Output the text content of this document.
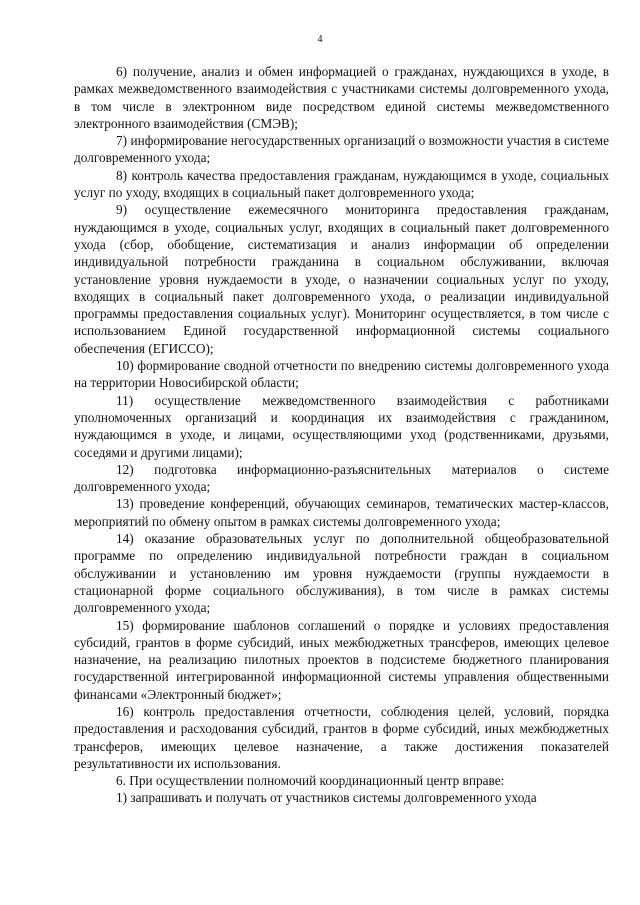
4

6) получение, анализ и обмен информацией о гражданах, нуждающихся в уходе, в рамках межведомственного взаимодействия с участниками системы долговременного ухода, в том числе в электронном виде посредством единой системы межведомственного электронного взаимодействия (СМЭВ);

7) информирование негосударственных организаций о возможности участия в системе долговременного ухода;

8) контроль качества предоставления гражданам, нуждающимся в уходе, социальных услуг по уходу, входящих в социальный пакет долговременного ухода;

9) осуществление ежемесячного мониторинга предоставления гражданам, нуждающимся в уходе, социальных услуг, входящих в социальный пакет долговременного ухода (сбор, обобщение, систематизация и анализ информации об определении индивидуальной потребности гражданина в социальном обслуживании, включая установление уровня нуждаемости в уходе, о назначении социальных услуг по уходу, входящих в социальный пакет долговременного ухода, о реализации индивидуальной программы предоставления социальных услуг). Мониторинг осуществляется, в том числе с использованием Единой государственной информационной системы социального обеспечения (ЕГИССО);

10) формирование сводной отчетности по внедрению системы долговременного ухода на территории Новосибирской области;

11) осуществление межведомственного взаимодействия с работниками уполномоченных организаций и координация их взаимодействия с гражданином, нуждающимся в уходе, и лицами, осуществляющими уход (родственниками, друзьями, соседями и другими лицами);

12) подготовка информационно-разъяснительных материалов о системе долговременного ухода;

13) проведение конференций, обучающих семинаров, тематических мастер-классов, мероприятий по обмену опытом в рамках системы долговременного ухода;

14) оказание образовательных услуг по дополнительной общеобразовательной программе по определению индивидуальной потребности граждан в социальном обслуживании и установлению им уровня нуждаемости (группы нуждаемости в стационарной форме социального обслуживания), в том числе в рамках системы долговременного ухода;

15) формирование шаблонов соглашений о порядке и условиях предоставления субсидий, грантов в форме субсидий, иных межбюджетных трансферов, имеющих целевое назначение, на реализацию пилотных проектов в подсистеме бюджетного планирования государственной интегрированной информационной системы управления общественными финансами «Электронный бюджет»;

16) контроль предоставления отчетности, соблюдения целей, условий, порядка предоставления и расходования субсидий, грантов в форме субсидий, иных межбюджетных трансферов, имеющих целевое назначение, а также достижения показателей результативности их использования.

6. При осуществлении полномочий координационный центр вправе:

1) запрашивать и получать от участников системы долговременного ухода
